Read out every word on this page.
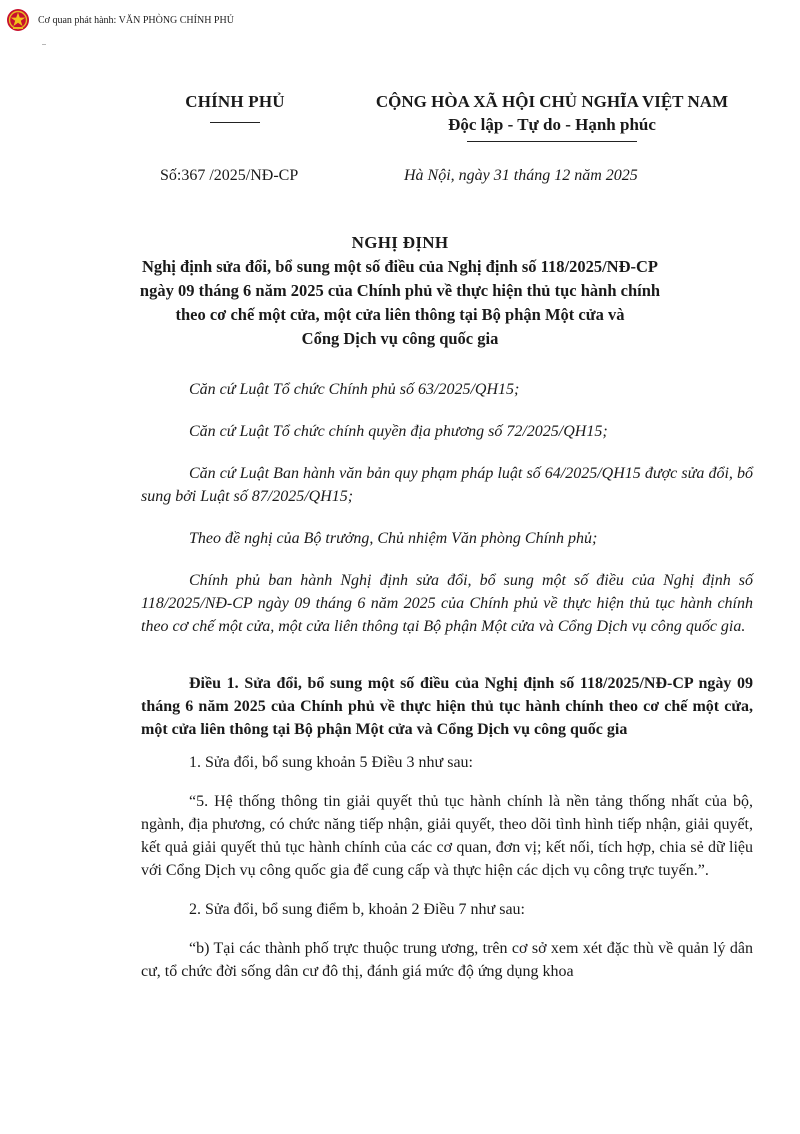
Cơ quan phát hành: VĂN PHÒNG CHÍNH PHỦ
..
CHÍNH PHỦ	CỘNG HÒA XÃ HỘI CHỦ NGHĨA VIỆT NAM
Độc lập - Tự do - Hạnh phúc
Số:367 /2025/NĐ-CP	Hà Nội, ngày 31 tháng 12 năm 2025
NGHỊ ĐỊNH
Nghị định sửa đổi, bổ sung một số điều của Nghị định số 118/2025/NĐ-CP
ngày 09 tháng 6 năm 2025 của Chính phủ về thực hiện thủ tục hành chính
theo cơ chế một cửa, một cửa liên thông tại Bộ phận Một cửa và
Cổng Dịch vụ công quốc gia

Căn cứ Luật Tổ chức Chính phủ số 63/2025/QH15;

Căn cứ Luật Tổ chức chính quyền địa phương số 72/2025/QH15;

Căn cứ Luật Ban hành văn bản quy phạm pháp luật số 64/2025/QH15 được sửa đổi, bổ sung bởi Luật số 87/2025/QH15;

Theo đề nghị của Bộ trưởng, Chủ nhiệm Văn phòng Chính phủ;

Chính phủ ban hành Nghị định sửa đổi, bổ sung một số điều của Nghị định số 118/2025/NĐ-CP ngày 09 tháng 6 năm 2025 của Chính phủ về thực hiện thủ tục hành chính theo cơ chế một cửa, một cửa liên thông tại Bộ phận Một cửa và Cổng Dịch vụ công quốc gia.

Điều 1. Sửa đổi, bổ sung một số điều của Nghị định số 118/2025/NĐ-CP ngày 09 tháng 6 năm 2025 của Chính phủ về thực hiện thủ tục hành chính theo cơ chế một cửa, một cửa liên thông tại Bộ phận Một cửa và Cổng Dịch vụ công quốc gia

1. Sửa đổi, bổ sung khoản 5 Điều 3 như sau:

“5. Hệ thống thông tin giải quyết thủ tục hành chính là nền tảng thống nhất của bộ, ngành, địa phương, có chức năng tiếp nhận, giải quyết, theo dõi tình hình tiếp nhận, giải quyết, kết quả giải quyết thủ tục hành chính của các cơ quan, đơn vị; kết nối, tích hợp, chia sẻ dữ liệu với Cổng Dịch vụ công quốc gia để cung cấp và thực hiện các dịch vụ công trực tuyến.”.

2. Sửa đổi, bổ sung điểm b, khoản 2 Điều 7 như sau:

“b) Tại các thành phố trực thuộc trung ương, trên cơ sở xem xét đặc thù về quản lý dân cư, tổ chức đời sống dân cư đô thị, đánh giá mức độ ứng dụng khoa
